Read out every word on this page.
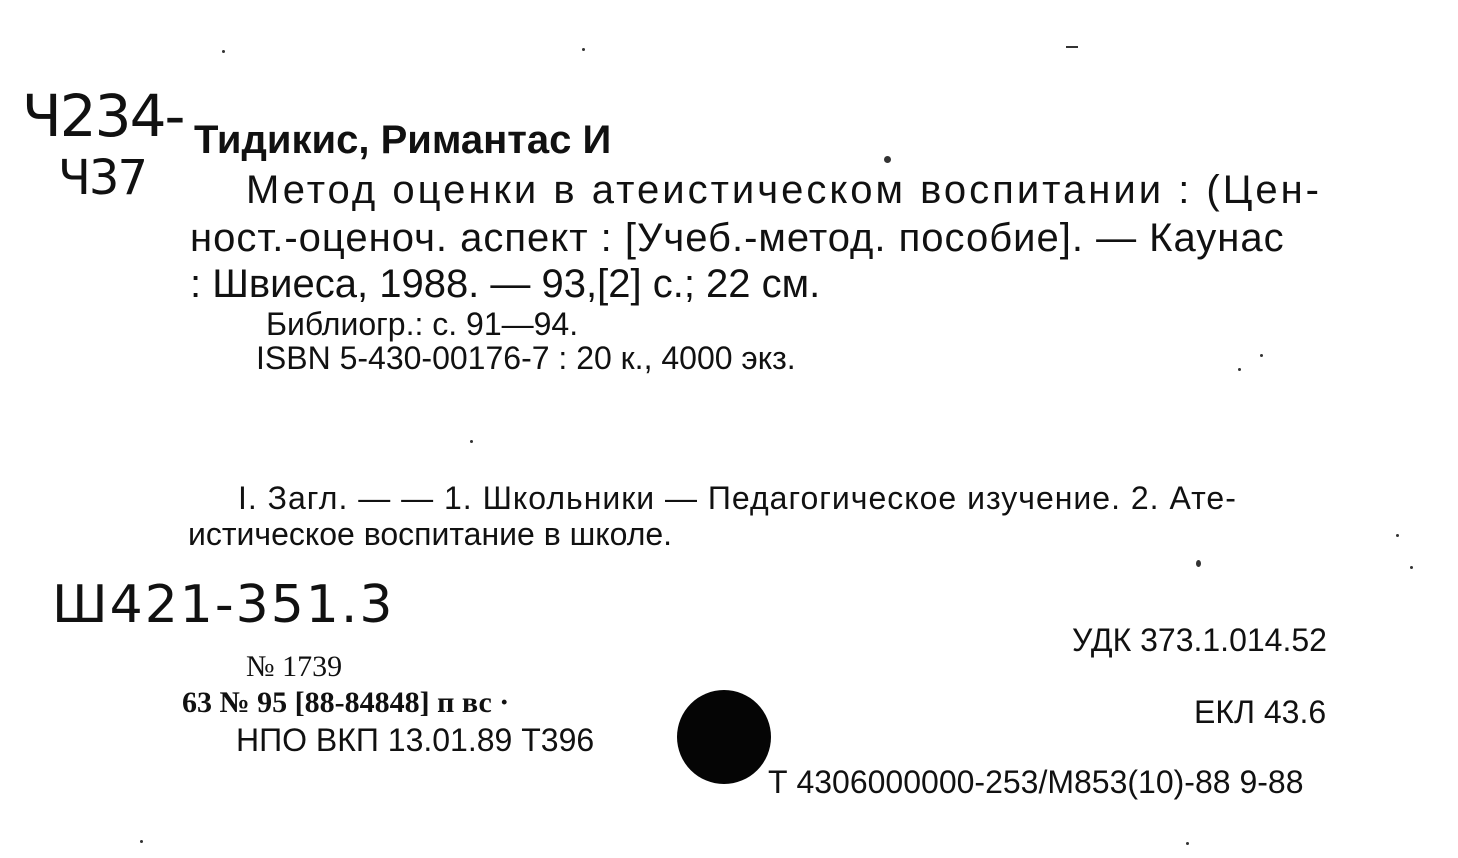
Ч234-
Ч37
Ш421-351.3
Тидикис, Римантас И
Метод оценки в атеистическом воспитании : (Цен-
ност.-оценоч. аспект : [Учеб.-метод. пособие]. — Каунас
: Швиеса, 1988. — 93,[2] с.; 22 см.
Библиогр.: с. 91—94.
ISBN 5-430-00176-7 : 20 к., 4000 экз.
I. Загл. — — 1. Школьники — Педагогическое изучение. 2. Ате-
истическое воспитание в школе.
№ 1739
63 № 95 [88-84848] п вс ·
НПО ВКП 13.01.89 Т396
УДК 373.1.014.52
ЕКЛ 43.6
Т 4306000000-253/М853(10)-88 9-88
